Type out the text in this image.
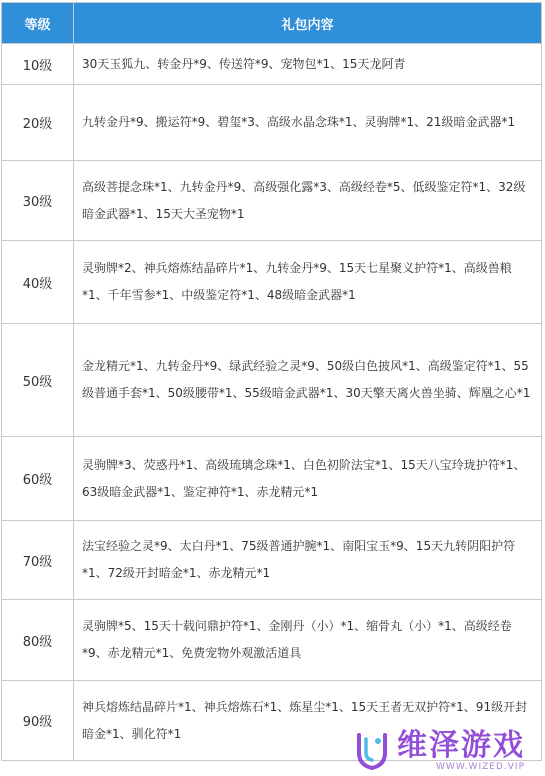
等级	礼包内容
10级	30天玉狐九、转金丹*9、传送符*9、宠物包*1、15天龙阿青
20级	九转金丹*9、搬运符*9、碧玺*3、高级水晶念珠*1、灵驹牌*1、21级暗金武器*1
30级	高级菩提念珠*1、九转金丹*9、高级强化露*3、高级经卷*5、低级鉴定符*1、32级暗金武器*1、15天大圣宠物*1
40级	灵驹牌*2、神兵熔炼结晶碎片*1、九转金丹*9、15天七星聚义护符*1、高级兽粮*1、千年雪参*1、中级鉴定符*1、48级暗金武器*1
50级	金龙精元*1、九转金丹*9、绿武经验之灵*9、50级白色披风*1、高级鉴定符*1、55级普通手套*1、50级腰带*1、55级暗金武器*1、30天擎天离火兽坐骑、辉凰之心*1
60级	灵驹牌*3、荧惑丹*1、高级琉璃念珠*1、白色初阶法宝*1、15天八宝玲珑护符*1、63级暗金武器*1、鉴定神符*1、赤龙精元*1
70级	法宝经验之灵*9、太白丹*1、75级普通护腕*1、南阳宝玉*9、15天九转阴阳护符*1、72级开封暗金*1、赤龙精元*1
80级	灵驹牌*5、15天十载问鼎护符*1、金刚丹（小）*1、缩骨丸（小）*1、高级经卷*9、赤龙精元*1、免费宠物外观激活道具
90级	神兵熔炼结晶碎片*1、神兵熔炼石*1、炼星尘*1、15天王者无双护符*1、91级开封暗金*1、驯化符*1	维泽游戏
WWW.WIZED.VIP
